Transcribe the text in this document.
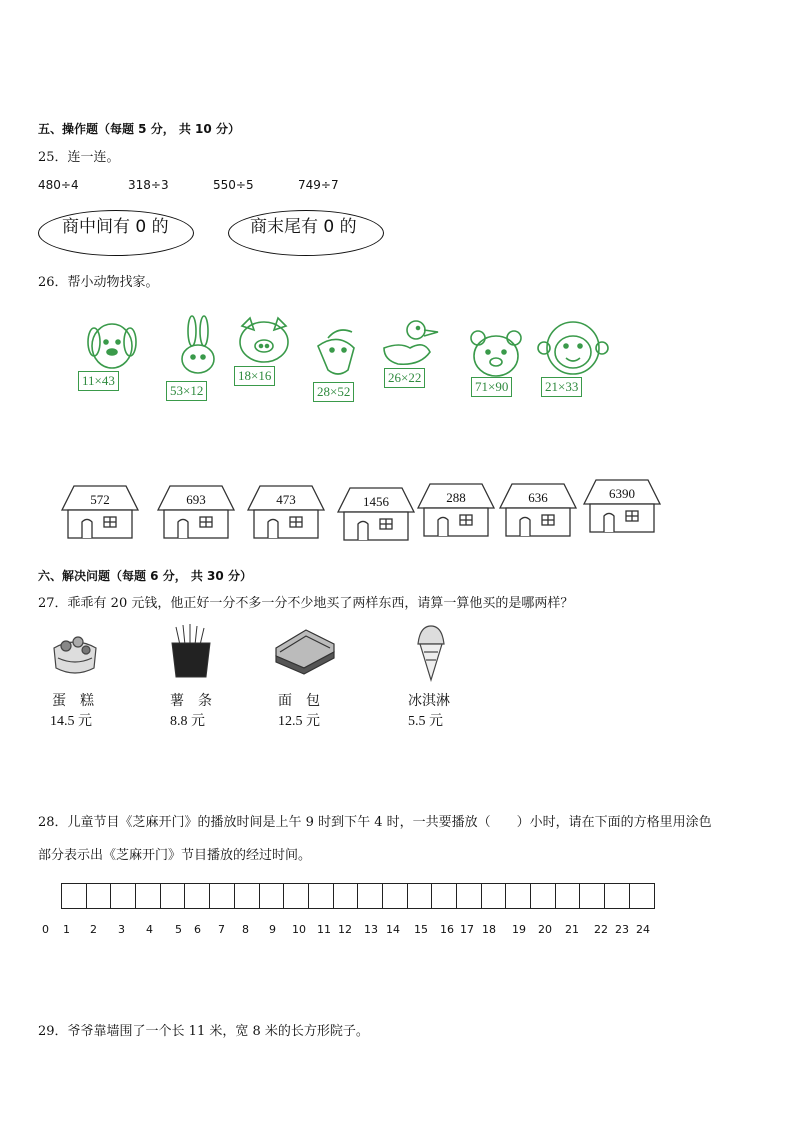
五、操作题（每题 5 分， 共 10 分）
25．连一连。
480÷4	318÷3	550÷5	749÷7
商中间有 0 的	商末尾有 0 的
26．帮小动物找家。
11×43
53×12
18×16
28×52
26×22
71×90	21×33
572	693	473	1456	288	636	6390
六、解决问题（每题 6 分， 共 30 分）
27．乖乖有 20 元钱，他正好一分不多一分不少地买了两样东西，请算一算他买的是哪两样？
蛋　糕
14.5 元
薯　条
8.8 元
面　包
12.5 元
冰淇淋
5.5 元
28．儿童节目《芝麻开门》的播放时间是上午 9 时到下午 4 时，一共要播放（　　）小时，请在下面的方格里用涂色
部分表示出《芝麻开门》节目播放的经过时间。
0 1 2 3 4 5 6 7 8 9 10 11 12 13 14 15 16 17 18 19 20 21 22 23 24
29．爷爷靠墙围了一个长 11 米，宽 8 米的长方形院子。
